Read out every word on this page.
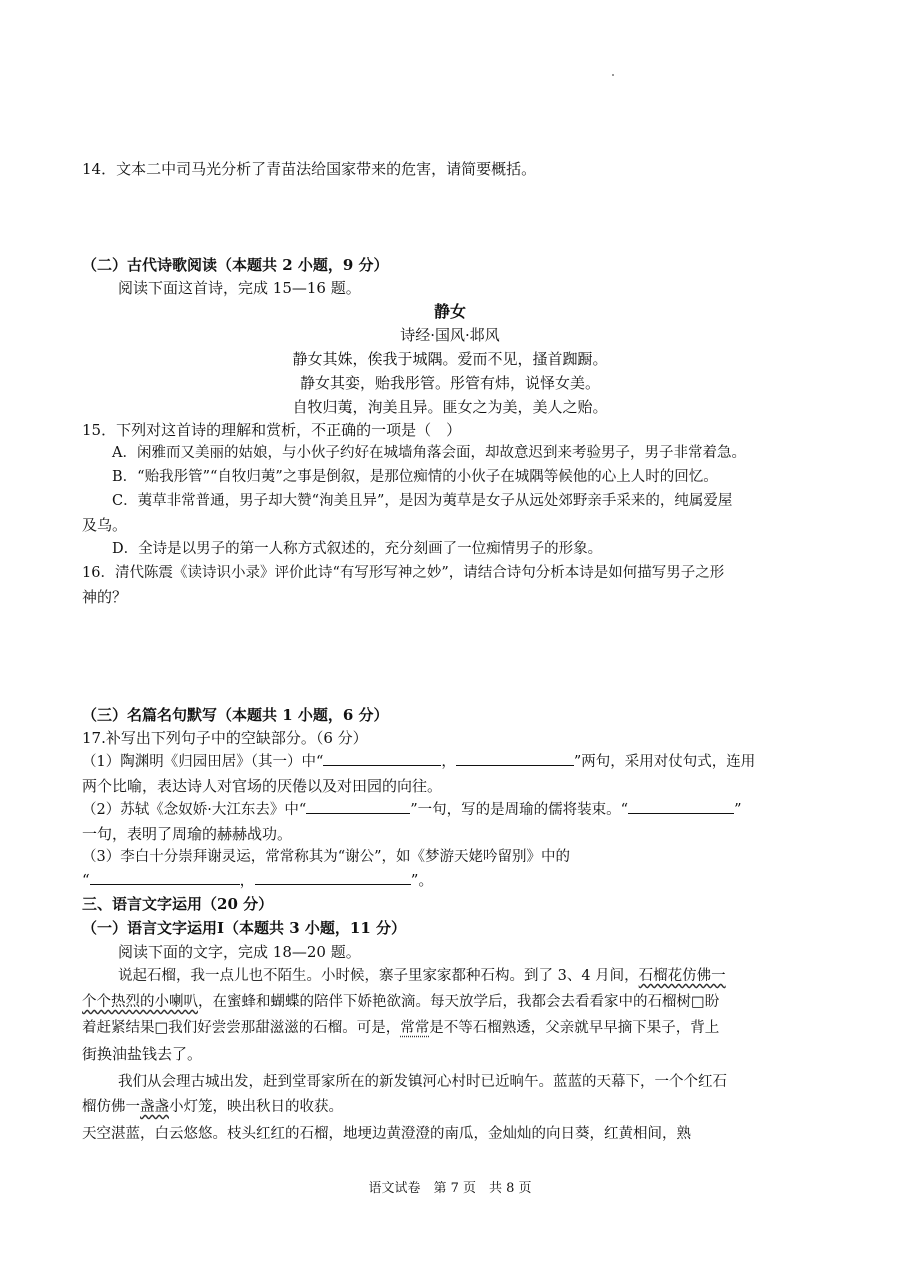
14．文本二中司马光分析了青苗法给国家带来的危害，请简要概括。
（二）古代诗歌阅读（本题共 2 小题，9 分）
阅读下面这首诗，完成 15—16 题。
静女
诗经·国风·邶风
静女其姝，俟我于城隅。爱而不见，搔首踟蹰。
静女其娈，贻我彤管。彤管有炜，说怿女美。
自牧归荑，洵美且异。匪女之为美，美人之贻。
15．下列对这首诗的理解和赏析，不正确的一项是（　）
A．闲雅而又美丽的姑娘，与小伙子约好在城墙角落会面，却故意迟到来考验男子，男子非常着急。
B．“贻我彤管”“自牧归荑”之事是倒叙，是那位痴情的小伙子在城隅等候他的心上人时的回忆。
C．荑草非常普通，男子却大赞“洵美且异”，是因为荑草是女子从远处郊野亲手采来的，纯属爱屋
及乌。
D．全诗是以男子的第一人称方式叙述的，充分刻画了一位痴情男子的形象。
16．清代陈震《读诗识小录》评价此诗“有写形写神之妙”，请结合诗句分析本诗是如何描写男子之形
神的？
（三）名篇名句默写（本题共 1 小题，6 分）
17.补写出下列句子中的空缺部分。（6 分）
（1）陶渊明《归园田居》（其一）中“	，	”两句，采用对仗句式，连用
两个比喻，表达诗人对官场的厌倦以及对田园的向往。
（2）苏轼《念奴娇·大江东去》中“	”一句，写的是周瑜的儒将装束。“	”
一句，表明了周瑜的赫赫战功。
（3）李白十分崇拜谢灵运，常常称其为“谢公”，如《梦游天姥吟留别》中的
“	，	”。
三、语言文字运用（20 分）
（一）语言文字运用Ⅰ（本题共 3 小题，11 分）
阅读下面的文字，完成 18—20 题。
说起石榴，我一点儿也不陌生。小时候，寨子里家家都种石构。到了 3、4 月间，石榴花仿佛一
个个热烈的小喇叭，在蜜蜂和蝴蝶的陪伴下娇艳欲滴。每天放学后，我都会去看看家中的石榴树□盼
着赶紧结果□我们好尝尝那甜滋滋的石榴。可是，常常是不等石榴熟透，父亲就早早摘下果子，背上
街换油盐钱去了。
我们从会理古城出发，赶到堂哥家所在的新发镇河心村时已近晌午。蓝蓝的天幕下，一个个红石
榴仿佛一盏盏小灯笼，映出秋日的收获。
天空湛蓝，白云悠悠。枝头红红的石榴，地埂边黄澄澄的南瓜，金灿灿的向日葵，红黄相间，熟
语文试卷　第 7 页　共 8 页
